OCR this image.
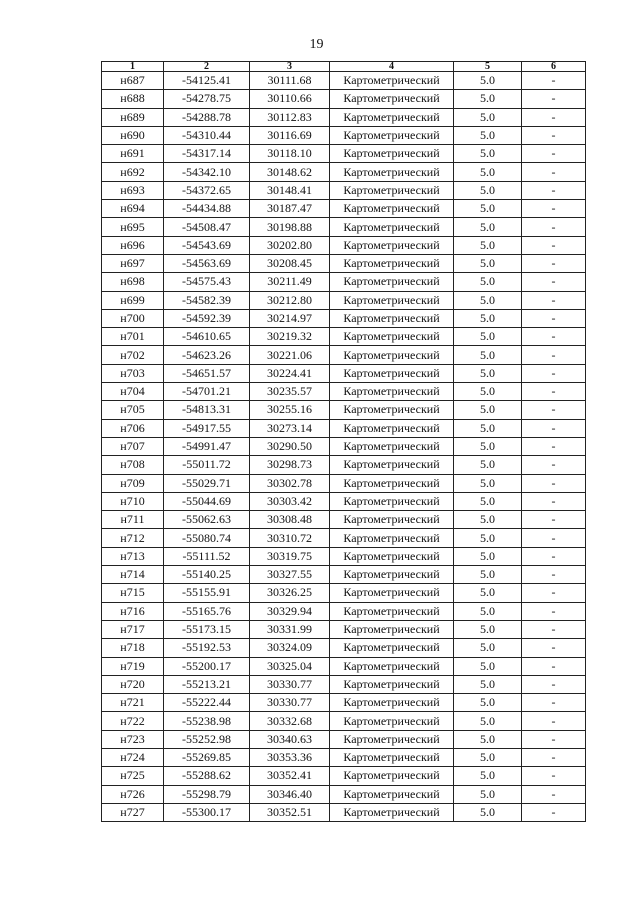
19
1	2	3	4	5	6
н687	-54125.41	30111.68	Картометрический	5.0	-
н688	-54278.75	30110.66	Картометрический	5.0	-
н689	-54288.78	30112.83	Картометрический	5.0	-
н690	-54310.44	30116.69	Картометрический	5.0	-
н691	-54317.14	30118.10	Картометрический	5.0	-
н692	-54342.10	30148.62	Картометрический	5.0	-
н693	-54372.65	30148.41	Картометрический	5.0	-
н694	-54434.88	30187.47	Картометрический	5.0	-
н695	-54508.47	30198.88	Картометрический	5.0	-
н696	-54543.69	30202.80	Картометрический	5.0	-
н697	-54563.69	30208.45	Картометрический	5.0	-
н698	-54575.43	30211.49	Картометрический	5.0	-
н699	-54582.39	30212.80	Картометрический	5.0	-
н700	-54592.39	30214.97	Картометрический	5.0	-
н701	-54610.65	30219.32	Картометрический	5.0	-
н702	-54623.26	30221.06	Картометрический	5.0	-
н703	-54651.57	30224.41	Картометрический	5.0	-
н704	-54701.21	30235.57	Картометрический	5.0	-
н705	-54813.31	30255.16	Картометрический	5.0	-
н706	-54917.55	30273.14	Картометрический	5.0	-
н707	-54991.47	30290.50	Картометрический	5.0	-
н708	-55011.72	30298.73	Картометрический	5.0	-
н709	-55029.71	30302.78	Картометрический	5.0	-
н710	-55044.69	30303.42	Картометрический	5.0	-
н711	-55062.63	30308.48	Картометрический	5.0	-
н712	-55080.74	30310.72	Картометрический	5.0	-
н713	-55111.52	30319.75	Картометрический	5.0	-
н714	-55140.25	30327.55	Картометрический	5.0	-
н715	-55155.91	30326.25	Картометрический	5.0	-
н716	-55165.76	30329.94	Картометрический	5.0	-
н717	-55173.15	30331.99	Картометрический	5.0	-
н718	-55192.53	30324.09	Картометрический	5.0	-
н719	-55200.17	30325.04	Картометрический	5.0	-
н720	-55213.21	30330.77	Картометрический	5.0	-
н721	-55222.44	30330.77	Картометрический	5.0	-
н722	-55238.98	30332.68	Картометрический	5.0	-
н723	-55252.98	30340.63	Картометрический	5.0	-
н724	-55269.85	30353.36	Картометрический	5.0	-
н725	-55288.62	30352.41	Картометрический	5.0	-
н726	-55298.79	30346.40	Картометрический	5.0	-
н727	-55300.17	30352.51	Картометрический	5.0	-
